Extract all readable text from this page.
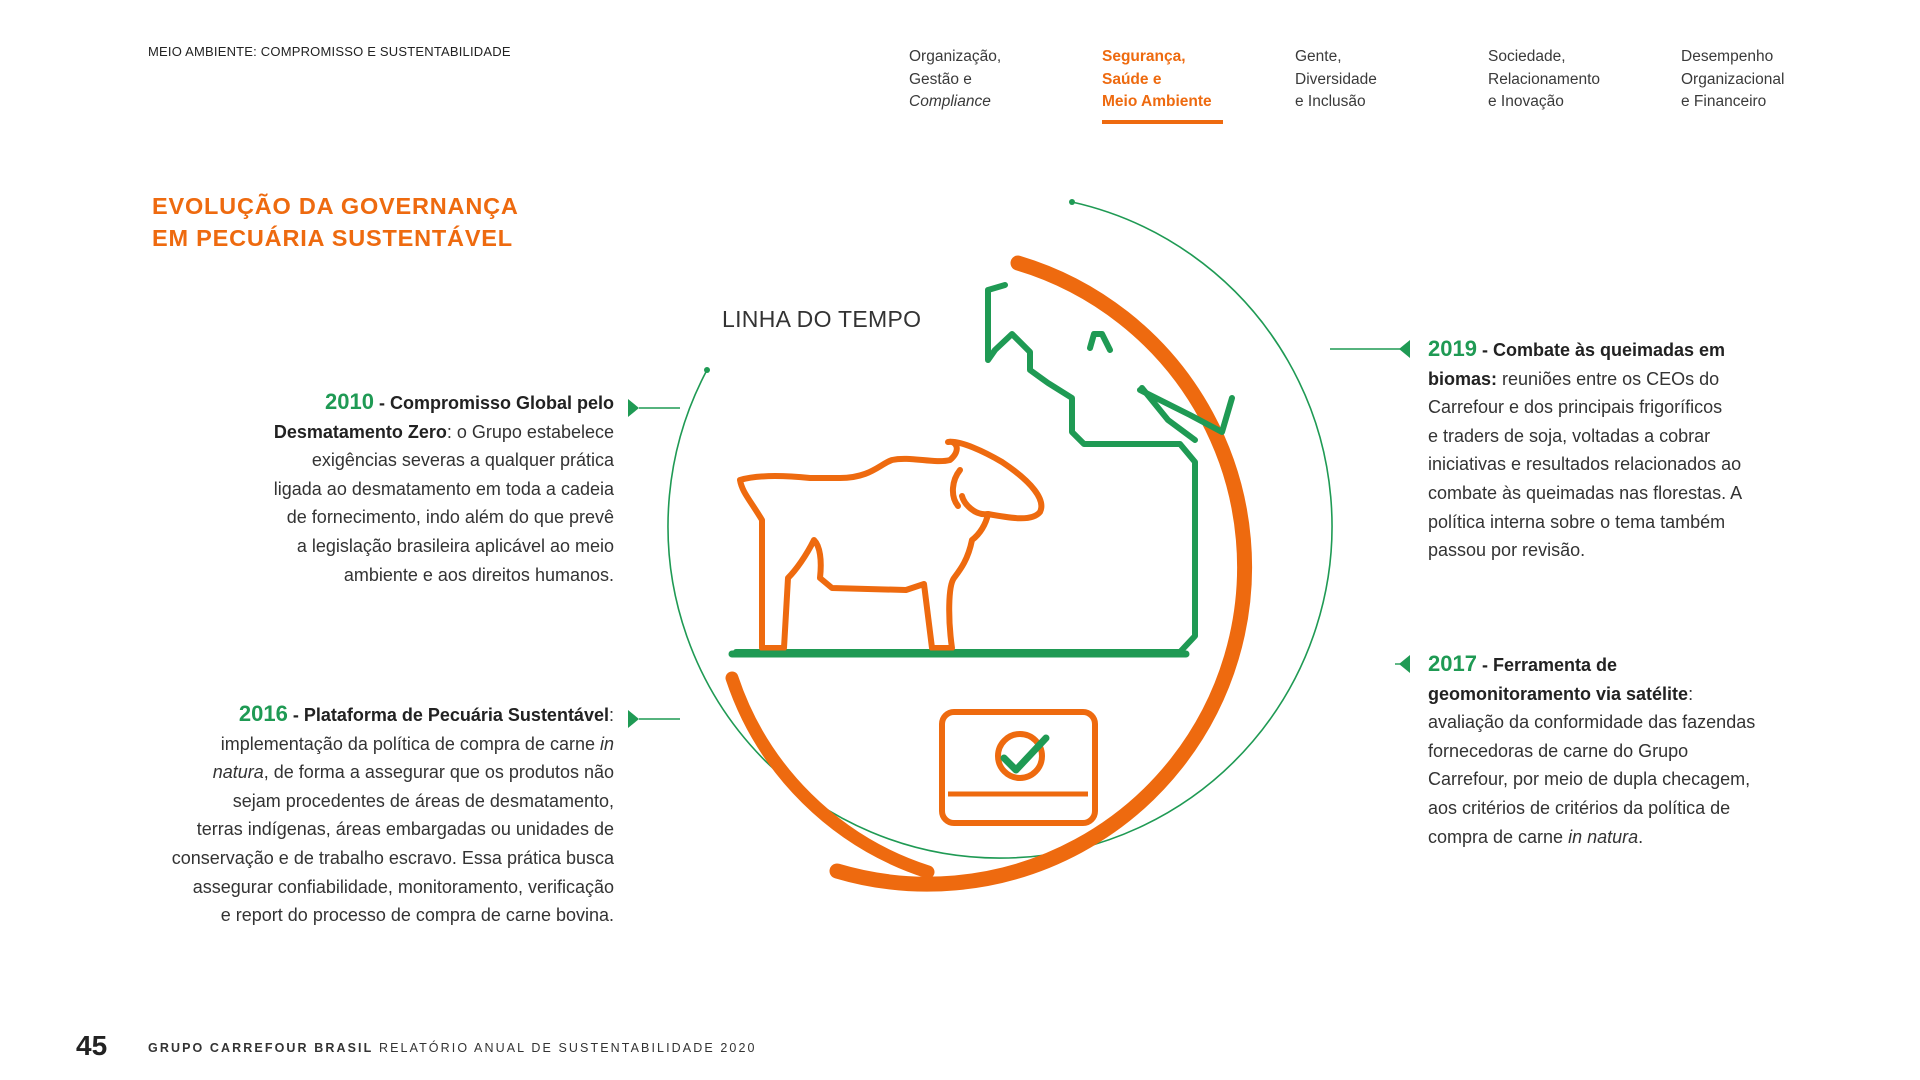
MEIO AMBIENTE: COMPROMISSO E SUSTENTABILIDADE	Organização,
Gestão e
Compliance
Segurança,
Saúde e
Meio Ambiente
Gente,
Diversidade
e Inclusão
Sociedade,
Relacionamento
e Inovação
Desempenho
Organizacional
e Financeiro
EVOLUÇÃO DA GOVERNANÇA
EM PECUÁRIA SUSTENTÁVEL
LINHA DO TEMPO
2010 - Compromisso Global pelo
Desmatamento Zero: o Grupo estabelece
exigências severas a qualquer prática
ligada ao desmatamento em toda a cadeia
de fornecimento, indo além do que prevê
a legislação brasileira aplicável ao meio
ambiente e aos direitos humanos.
2016 - Plataforma de Pecuária Sustentável:
implementação da política de compra de carne in
natura, de forma a assegurar que os produtos não
sejam procedentes de áreas de desmatamento,
terras indígenas, áreas embargadas ou unidades de
conservação e de trabalho escravo. Essa prática busca
assegurar confiabilidade, monitoramento, verificação
e report do processo de compra de carne bovina.
2019 - Combate às queimadas em
biomas: reuniões entre os CEOs do
Carrefour e dos principais frigoríficos
e traders de soja, voltadas a cobrar
iniciativas e resultados relacionados ao
combate às queimadas nas florestas. A
política interna sobre o tema também
passou por revisão.
2017 - Ferramenta de
geomonitoramento via satélite:
avaliação da conformidade das fazendas
fornecedoras de carne do Grupo
Carrefour, por meio de dupla checagem,
aos critérios de critérios da política de
compra de carne in natura.
45	GRUPO CARREFOUR BRASIL RELATÓRIO ANUAL DE SUSTENTABILIDADE 2020
